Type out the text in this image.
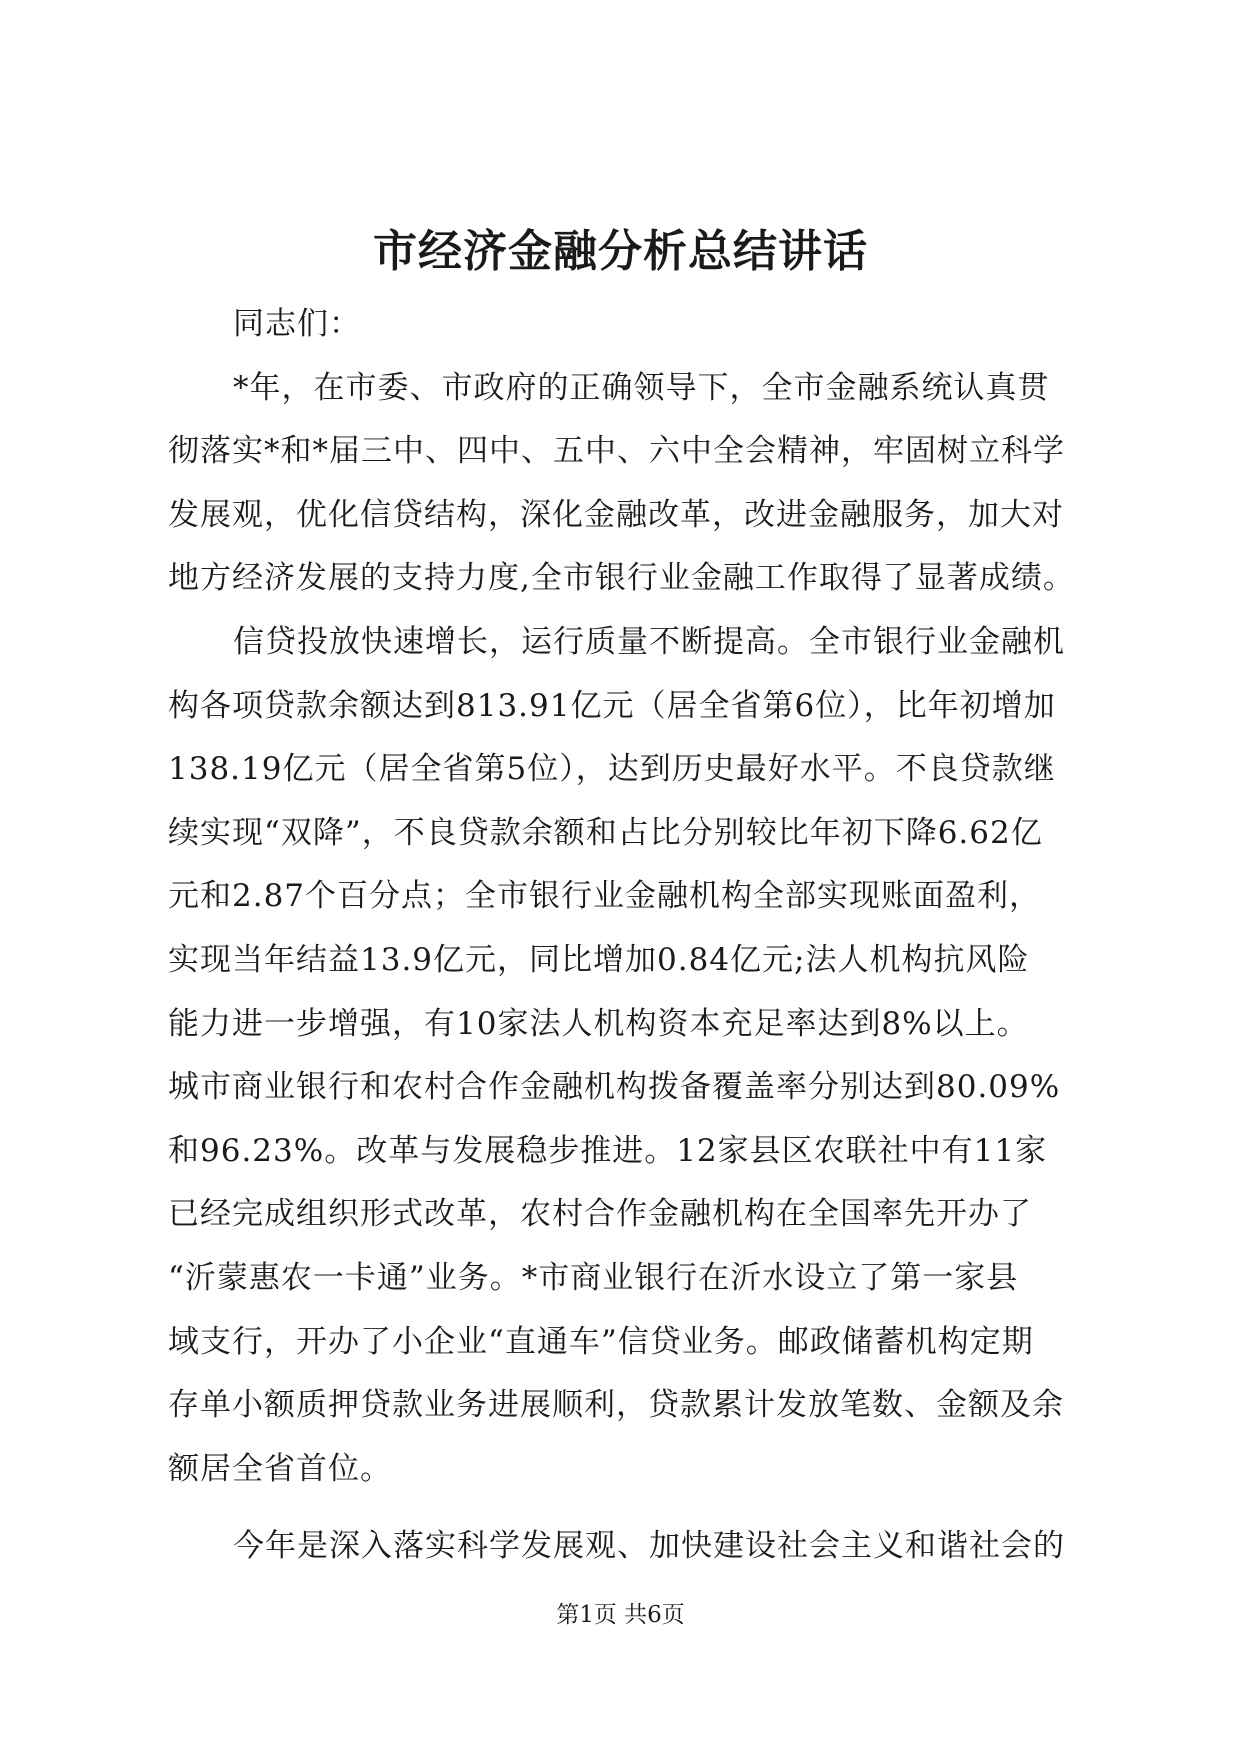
市经济金融分析总结讲话
同志们：
*年，在市委、市政府的正确领导下，全市金融系统认真贯
彻落实*和*届三中、四中、五中、六中全会精神，牢固树立科学
发展观，优化信贷结构，深化金融改革，改进金融服务，加大对
地方经济发展的支持力度,全市银行业金融工作取得了显著成绩。
信贷投放快速增长，运行质量不断提高。全市银行业金融机
构各项贷款余额达到813.91亿元（居全省第6位），比年初增加
138.19亿元（居全省第5位），达到历史最好水平。不良贷款继
续实现“双降”，不良贷款余额和占比分别较比年初下降6.62亿
元和2.87个百分点；全市银行业金融机构全部实现账面盈利，
实现当年结益13.9亿元，同比增加0.84亿元;法人机构抗风险
能力进一步增强，有10家法人机构资本充足率达到8%以上。
城市商业银行和农村合作金融机构拨备覆盖率分别达到80.09%
和96.23%。改革与发展稳步推进。12家县区农联社中有11家
已经完成组织形式改革，农村合作金融机构在全国率先开办了
“沂蒙惠农一卡通”业务。*市商业银行在沂水设立了第一家县
域支行，开办了小企业“直通车”信贷业务。邮政储蓄机构定期
存单小额质押贷款业务进展顺利，贷款累计发放笔数、金额及余
额居全省首位。
今年是深入落实科学发展观、加快建设社会主义和谐社会的
第1页 共6页
